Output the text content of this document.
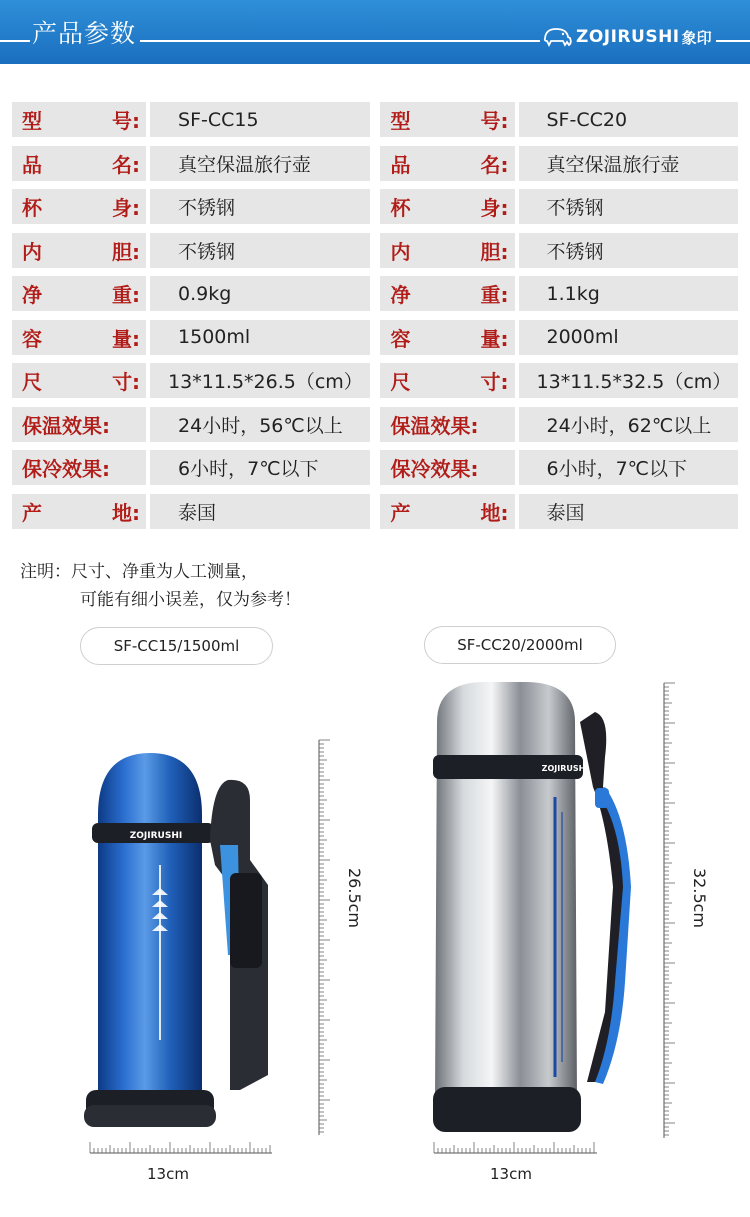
产品参数	ZOJIRUSHI 象印
型	号:	SF-CC15	型	号:	SF-CC20
品	名:	真空保温旅行壶	品	名:	真空保温旅行壶
杯	身:	不锈钢	杯	身:	不锈钢
内	胆:	不锈钢	内	胆:	不锈钢
净	重:	0.9kg	净	重:	1.1kg
容	量:	1500ml	容	量:	2000ml
尺	寸:	13*11.5*26.5（cm）	尺	寸:	13*11.5*32.5（cm）
保温效果:	24小时，56℃以上	保温效果:	24小时，62℃以上
保冷效果:	6小时，7℃以下	保冷效果:	6小时，7℃以下
产	地:	泰国	产	地:	泰国
注明：尺寸、净重为人工测量，
可能有细小误差，仅为参考！
SF-CC15/1500ml	SF-CC20/2000ml
ZOJIRUSHI
26.5cm
13cm
ZOJIRUSHI
32.5cm
13cm
